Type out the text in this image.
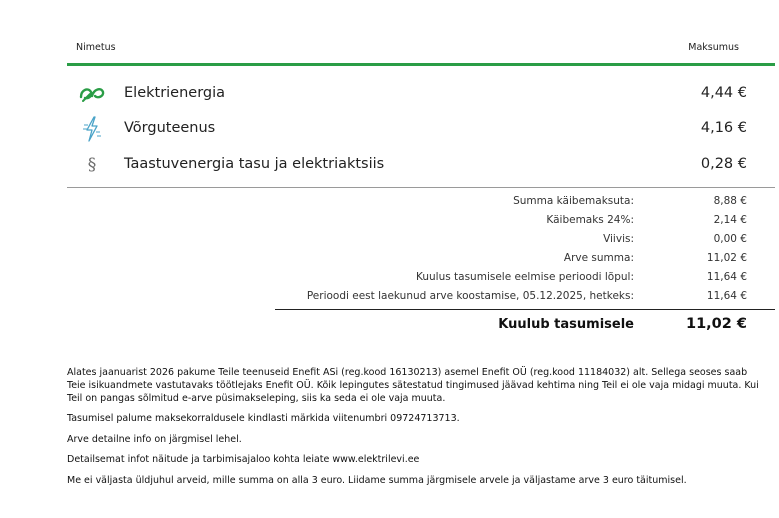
Nimetus	Maksumus
Elektrienergia	4,44 €
Võrguteenus	4,16 €
§ Taastuvenergia tasu ja elektriaktsiis	0,28 €
Summa käibemaksuta:	8,88 €
Käibemaks 24%:	2,14 €
Viivis:	0,00 €
Arve summa:	11,02 €
Kuulus tasumisele eelmise perioodi lõpul:	11,64 €
Perioodi eest laekunud arve koostamise, 05.12.2025, hetkeks:	11,64 €
Kuulub tasumisele	11,02 €
Alates jaanuarist 2026 pakume Teile teenuseid Enefit ASi (reg.kood 16130213) asemel Enefit OÜ (reg.kood 11184032) alt. Sellega seoses saab Teie isikuandmete vastutavaks töötlejaks Enefit OÜ. Kõik lepingutes sätestatud tingimused jäävad kehtima ning Teil ei ole vaja midagi muuta. Kui Teil on pangas sõlmitud e-arve püsimakseleping, siis ka seda ei ole vaja muuta.
Tasumisel palume maksekorraldusele kindlasti märkida viitenumbri 09724713713.
Arve detailne info on järgmisel lehel.
Detailsemat infot näitude ja tarbimisajaloo kohta leiate www.elektrilevi.ee
Me ei väljasta üldjuhul arveid, mille summa on alla 3 euro. Liidame summa järgmisele arvele ja väljastame arve 3 euro täitumisel.
